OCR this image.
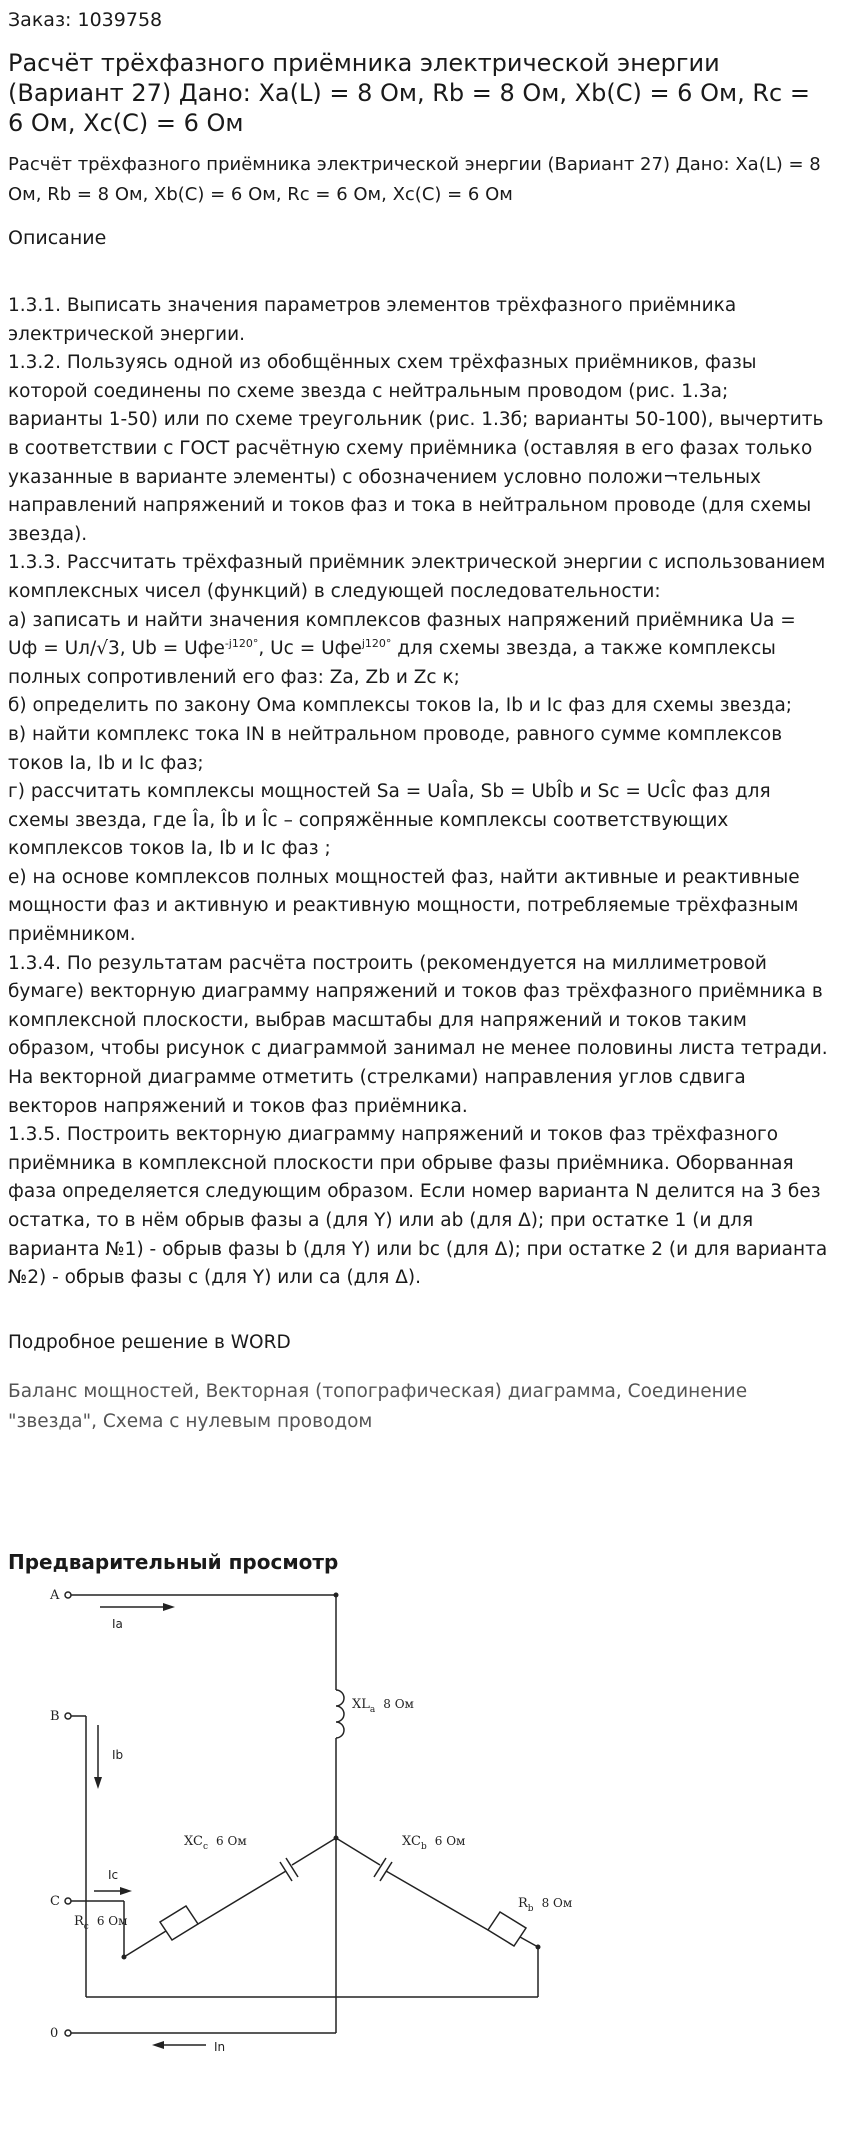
Заказ: 1039758
Расчёт трёхфазного приёмника электрической энергии (Вариант 27) Дано: Xa(L) = 8 Ом, Rb = 8 Ом, Xb(C) = 6 Ом, Rc = 6 Ом, Xc(C) = 6 Ом
Расчёт трёхфазного приёмника электрической энергии (Вариант 27) Дано: Xa(L) = 8 Ом, Rb = 8 Ом, Xb(C) = 6 Ом, Rc = 6 Ом, Xc(C) = 6 Ом
Описание

1.3.1. Выписать значения параметров элементов трёхфазного приёмника электрической энергии.

1.3.2. Пользуясь одной из обобщённых схем трёхфазных приёмников, фазы которой соединены по схеме звезда с нейтральным проводом (рис. 1.3а; варианты 1-50) или по схеме треугольник (рис. 1.3б; варианты 50-100), вычертить в соответствии с ГОСТ расчётную схему приёмника (оставляя в его фазах только указанные в варианте элементы) с обозначением условно положи¬тельных направлений напряжений и токов фаз и тока в нейтральном проводе (для схемы звезда).

1.3.3. Рассчитать трёхфазный приёмник электрической энергии с использованием комплексных чисел (функций) в следующей последовательности:

а) записать и найти значения комплексов фазных напряжений приёмника Ua = Uф = Uл/√3, Ub = Uфe$^{-j120^\circ}$, Uc = Uфe$^{j120^\circ}$ для схемы звезда, а также комплексы полных сопротивлений его фаз: Za, Zb и Zc к;

б) определить по закону Ома комплексы токов Ia, Ib и Ic фаз для схемы звезда;

в) найти комплекс тока IN в нейтральном проводе, равного сумме комплексов токов Ia, Ib и Ic фаз;

г) рассчитать комплексы мощностей Sa = UaÎa, Sb = UbÎb и Sc = UcÎc фаз для схемы звезда, где Îa, Îb и Îc – сопряжённые комплексы соответствующих комплексов токов Ia, Ib и Ic фаз ;

е) на основе комплексов полных мощностей фаз, найти активные и реактивные мощности фаз и активную и реактивную мощности, потребляемые трёхфазным приёмником.

1.3.4. По результатам расчёта построить (рекомендуется на миллиметровой бумаге) векторную диаграмму напряжений и токов фаз трёхфазного приёмника в комплексной плоскости, выбрав масштабы для напряжений и токов таким образом, чтобы рисунок с диаграммой занимал не менее половины листа тетради. На векторной диаграмме отметить (стрелками) направления углов сдвига векторов напряжений и токов фаз приёмника.

1.3.5. Построить векторную диаграмму напряжений и токов фаз трёхфазного приёмника в комплексной плоскости при обрыве фазы приёмника. Оборванная фаза определяется следующим образом. Если номер варианта N делится на 3 без остатка, то в нём обрыв фазы a (для Y) или ab (для Δ); при остатке 1 (и для варианта №1) - обрыв фазы b (для Y) или bc (для Δ); при остатке 2 (и для варианта №2) - обрыв фазы c (для Y) или ca (для Δ).

Подробное решение в WORD
Баланс мощностей, Векторная (топографическая) диаграмма, Соединение "звезда", Схема с нулевым проводом
Предварительный просмотр
A
Ia
$XL_a$ 8 Ом
$XC_c$ 6 Ом
$R_c$ 6 Ом
$XC_b$ 6 Ом
$R_b$ 8 Ом
B
Ib
C
Ic
0
In
